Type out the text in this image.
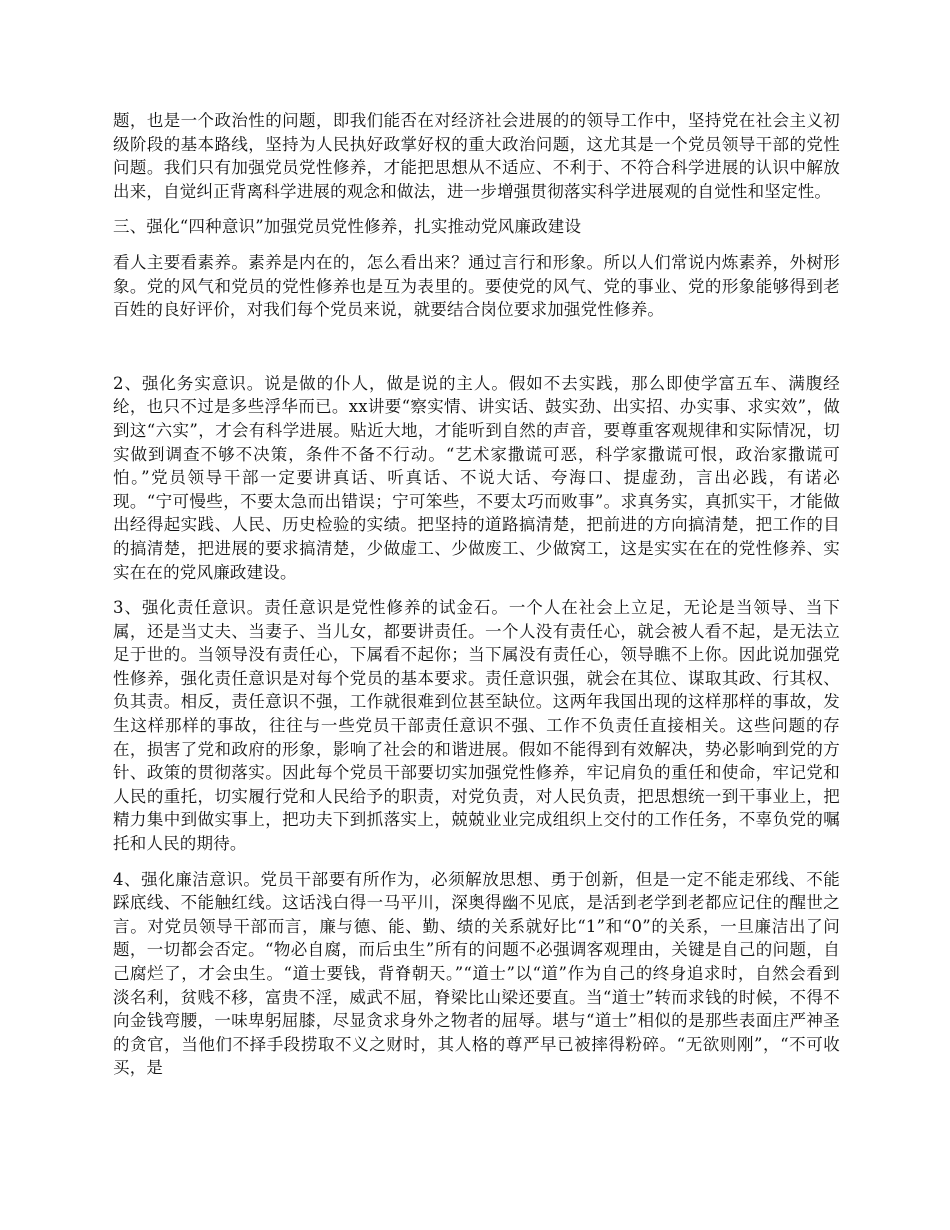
题，也是一个政治性的问题，即我们能否在对经济社会进展的的领导工作中，坚持党在社会主义初级阶段的基本路线，坚持为人民执好政掌好权的重大政治问题，这尤其是一个党员领导干部的党性问题。我们只有加强党员党性修养，才能把思想从不适应、不利于、不符合科学进展的认识中解放出来，自觉纠正背离科学进展的观念和做法，进一步增强贯彻落实科学进展观的自觉性和坚定性。

三、强化“四种意识”加强党员党性修养，扎实推动党风廉政建设

看人主要看素养。素养是内在的，怎么看出来？通过言行和形象。所以人们常说内炼素养，外树形象。党的风气和党员的党性修养也是互为表里的。要使党的风气、党的事业、党的形象能够得到老百姓的良好评价，对我们每个党员来说，就要结合岗位要求加强党性修养。

2、强化务实意识。说是做的仆人，做是说的主人。假如不去实践，那么即使学富五车、满腹经纶，也只不过是多些浮华而已。xx讲要“察实情、讲实话、鼓实劲、出实招、办实事、求实效”，做到这“六实”，才会有科学进展。贴近大地，才能听到自然的声音，要尊重客观规律和实际情况，切实做到调查不够不决策，条件不备不行动。“艺术家撒谎可恶，科学家撒谎可恨，政治家撒谎可怕。”党员领导干部一定要讲真话、听真话、不说大话、夸海口、提虚劲，言出必践，有诺必现。“宁可慢些，不要太急而出错误；宁可笨些，不要太巧而败事”。求真务实，真抓实干，才能做出经得起实践、人民、历史检验的实绩。把坚持的道路搞清楚，把前进的方向搞清楚，把工作的目的搞清楚，把进展的要求搞清楚，少做虚工、少做废工、少做窝工，这是实实在在的党性修养、实实在在的党风廉政建设。

3、强化责任意识。责任意识是党性修养的试金石。一个人在社会上立足，无论是当领导、当下属，还是当丈夫、当妻子、当儿女，都要讲责任。一个人没有责任心，就会被人看不起，是无法立足于世的。当领导没有责任心，下属看不起你；当下属没有责任心，领导瞧不上你。因此说加强党性修养，强化责任意识是对每个党员的基本要求。责任意识强，就会在其位、谋取其政、行其权、负其责。相反，责任意识不强，工作就很难到位甚至缺位。这两年我国出现的这样那样的事故，发生这样那样的事故，往往与一些党员干部责任意识不强、工作不负责任直接相关。这些问题的存在，损害了党和政府的形象，影响了社会的和谐进展。假如不能得到有效解决，势必影响到党的方针、政策的贯彻落实。因此每个党员干部要切实加强党性修养，牢记肩负的重任和使命，牢记党和人民的重托，切实履行党和人民给予的职责，对党负责，对人民负责，把思想统一到干事业上，把精力集中到做实事上，把功夫下到抓落实上，兢兢业业完成组织上交付的工作任务，不辜负党的嘱托和人民的期待。

4、强化廉洁意识。党员干部要有所作为，必须解放思想、勇于创新，但是一定不能走邪线、不能踩底线、不能触红线。这话浅白得一马平川，深奥得幽不见底，是活到老学到老都应记住的醒世之言。对党员领导干部而言，廉与德、能、勤、绩的关系就好比“1”和“0”的关系，一旦廉洁出了问题，一切都会否定。“物必自腐，而后虫生”所有的问题不必强调客观理由，关键是自己的问题，自己腐烂了，才会虫生。“道士要钱，背脊朝天。”“道士”以“道”作为自己的终身追求时，自然会看到淡名利，贫贱不移，富贵不淫，威武不屈，脊梁比山梁还要直。当“道士”转而求钱的时候，不得不向金钱弯腰，一味卑躬屈膝，尽显贪求身外之物者的屈辱。堪与“道士”相似的是那些表面庄严神圣的贪官，当他们不择手段捞取不义之财时，其人格的尊严早已被摔得粉碎。“无欲则刚”，“不可收买，是
